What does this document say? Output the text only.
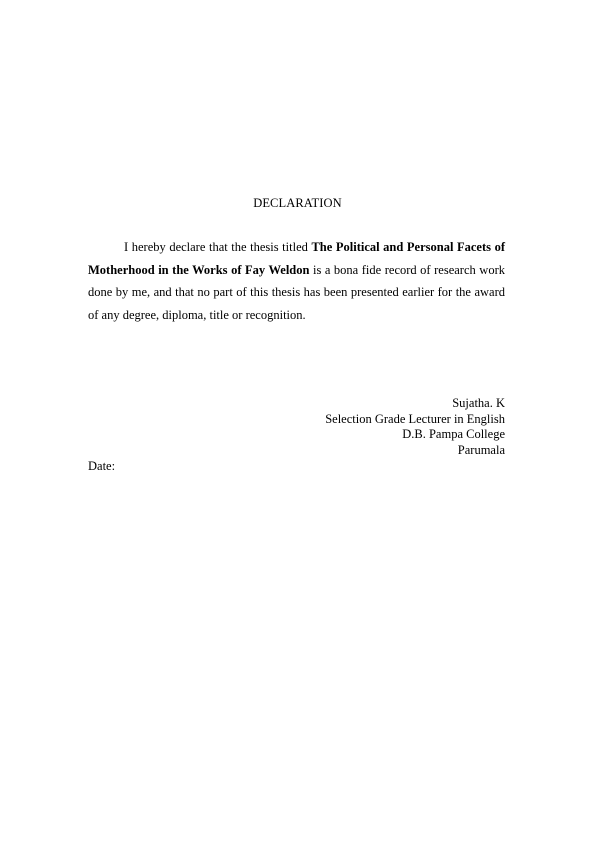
DECLARATION

I hereby declare that the thesis titled The Political and Personal Facets of Motherhood in the Works of Fay Weldon is a bona fide record of research work done by me, and that no part of this thesis has been presented earlier for the award of any degree, diploma, title or recognition.

Sujatha. K
Selection Grade Lecturer in English
D.B. Pampa College
Parumala
Date:
